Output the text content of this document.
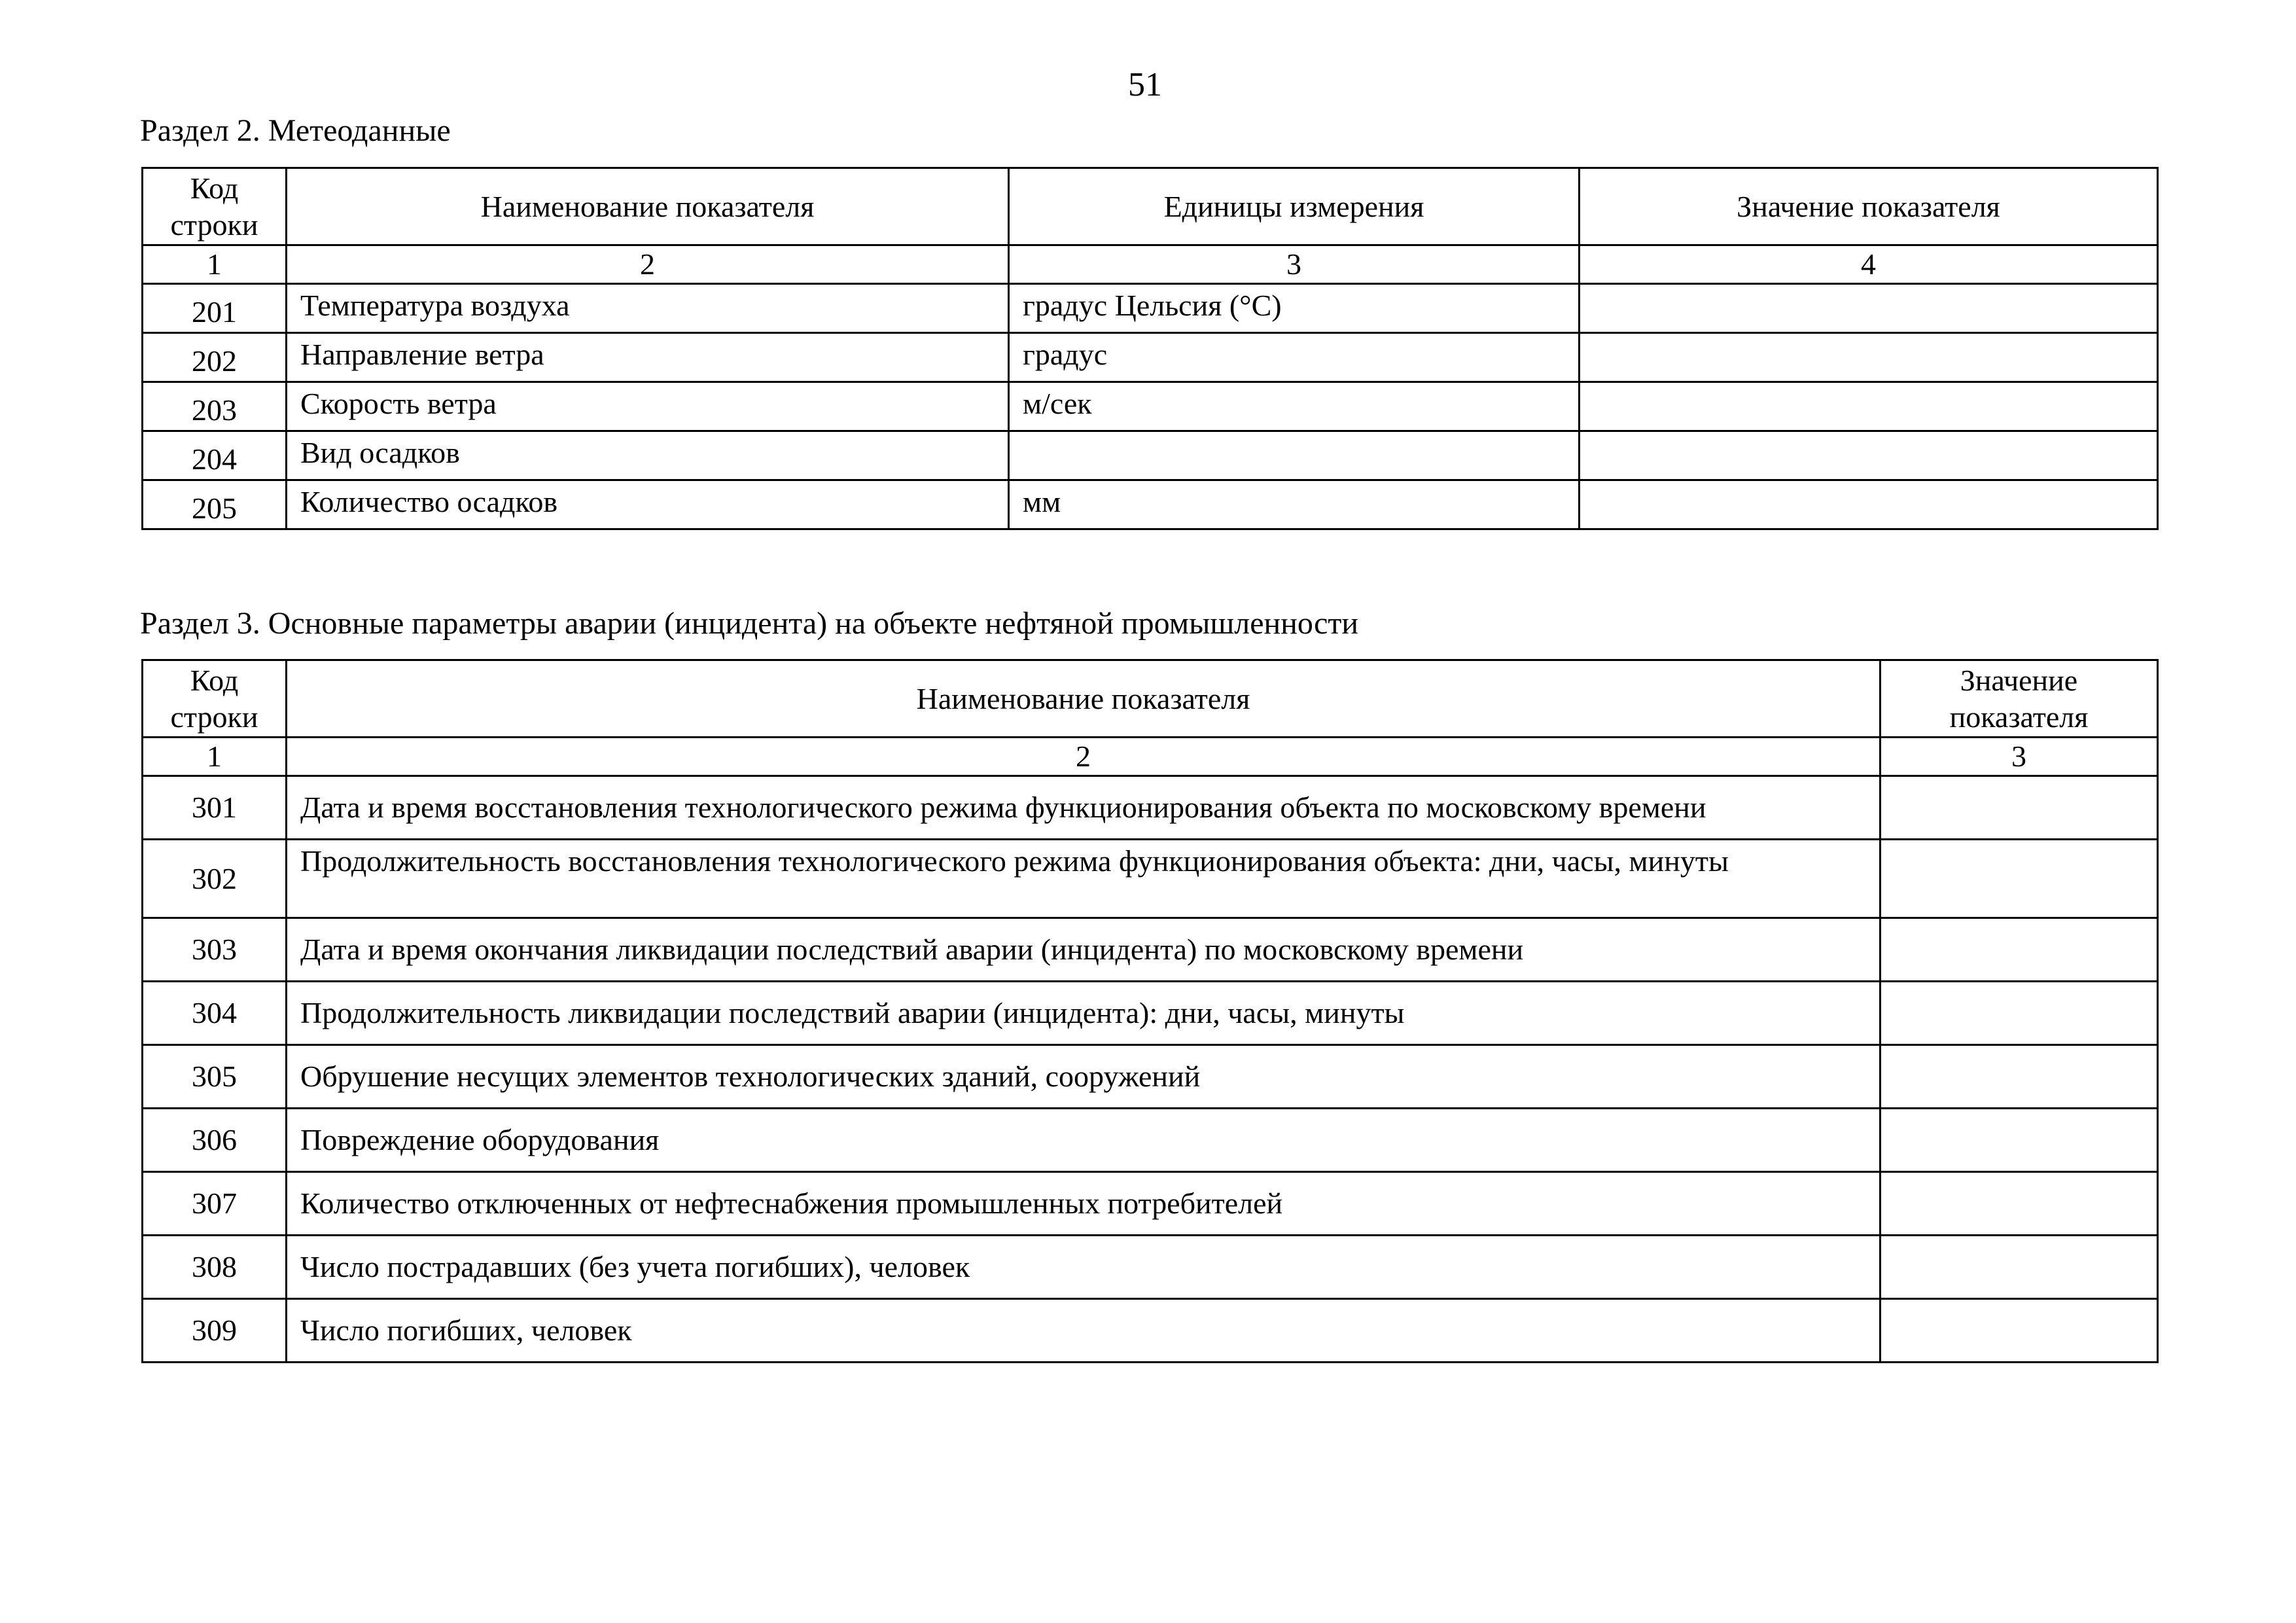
51
Раздел 2. Метеоданные
Код строки	Наименование показателя	Единицы измерения	Значение показателя
1	2	3	4
201	Температура воздуха	градус Цельсия (°С)	
202	Направление ветра	градус	
203	Скорость ветра	м/сек	
204	Вид осадков		
205	Количество осадков	мм	
Раздел 3. Основные параметры аварии (инцидента) на объекте нефтяной промышленности
Код строки	Наименование показателя	Значение показателя
1	2	3
301	Дата и время восстановления технологического режима функционирования объекта по московскому времени	
302	Продолжительность восстановления технологического режима функционирования объекта: дни, часы, минуты	
303	Дата и время окончания ликвидации последствий аварии (инцидента) по московскому времени	
304	Продолжительность ликвидации последствий аварии (инцидента): дни, часы, минуты	
305	Обрушение несущих элементов технологических зданий, сооружений	
306	Повреждение оборудования	
307	Количество отключенных от нефтеснабжения промышленных потребителей	
308	Число пострадавших (без учета погибших), человек	
309	Число погибших, человек	
